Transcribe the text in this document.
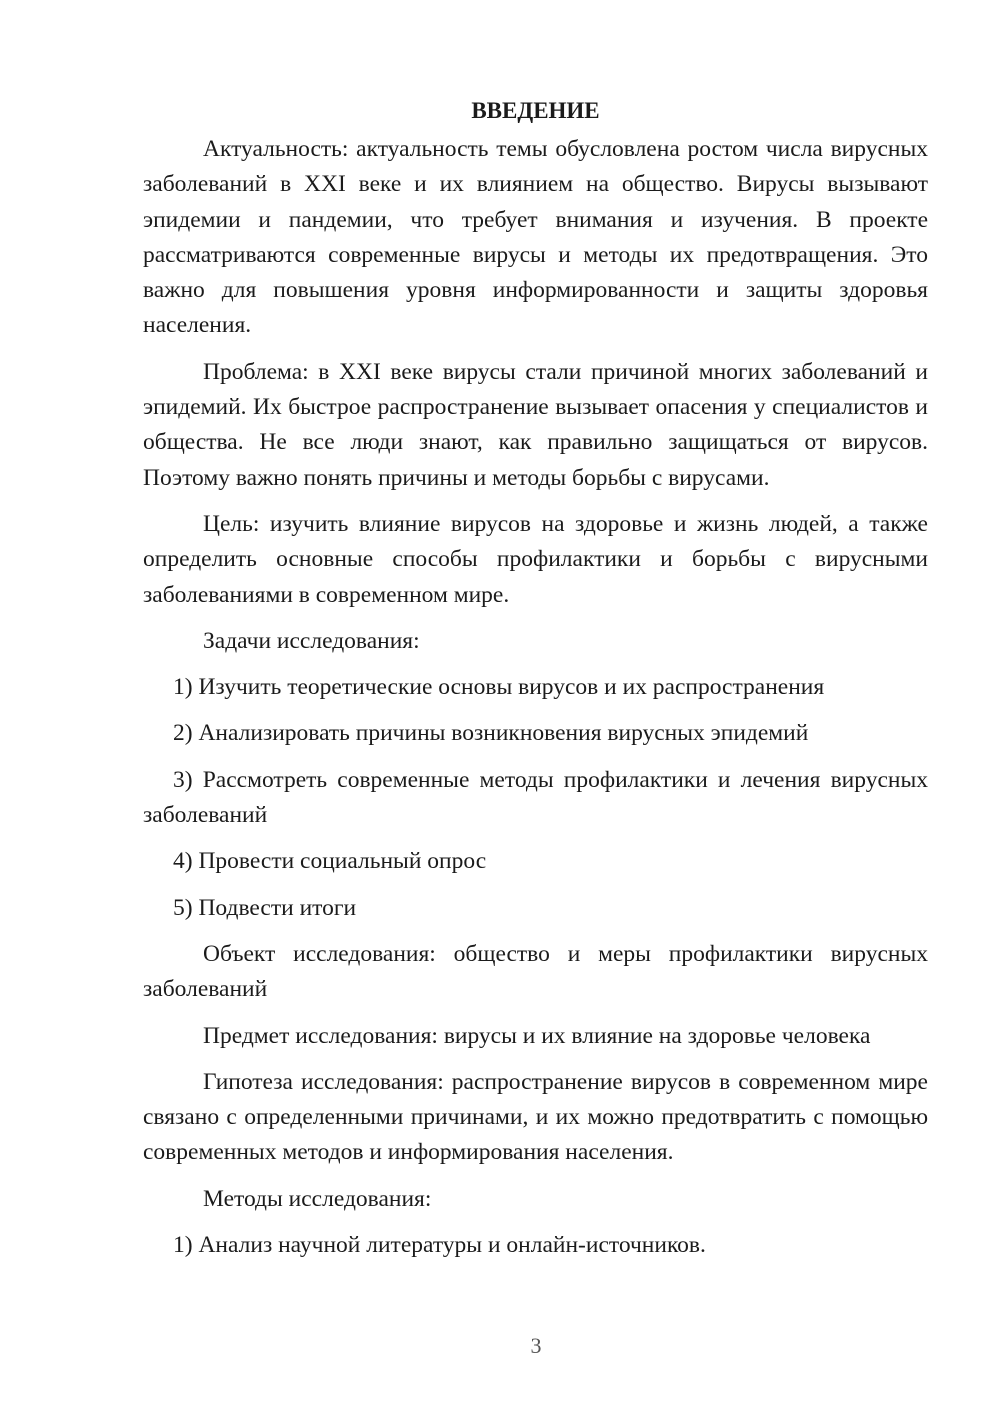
ВВЕДЕНИЕ

Актуальность: актуальность темы обусловлена ростом числа вирусных заболеваний в XXI веке и их влиянием на общество. Вирусы вызывают эпидемии и пандемии, что требует внимания и изучения. В проекте рассматриваются современные вирусы и методы их предотвращения. Это важно для повышения уровня информированности и защиты здоровья населения.

Проблема: в XXI веке вирусы стали причиной многих заболеваний и эпидемий. Их быстрое распространение вызывает опасения у специалистов и общества. Не все люди знают, как правильно защищаться от вирусов. Поэтому важно понять причины и методы борьбы с вирусами.

Цель: изучить влияние вирусов на здоровье и жизнь людей, а также определить основные способы профилактики и борьбы с вирусными заболеваниями в современном мире.

Задачи исследования:

1) Изучить теоретические основы вирусов и их распространения

2) Анализировать причины возникновения вирусных эпидемий

3) Рассмотреть современные методы профилактики и лечения вирусных заболеваний

4) Провести социальный опрос

5) Подвести итоги

Объект исследования: общество и меры профилактики вирусных заболеваний

Предмет исследования: вирусы и их влияние на здоровье человека

Гипотеза исследования: распространение вирусов в современном мире связано с определенными причинами, и их можно предотвратить с помощью современных методов и информирования населения.

Методы исследования:

1) Анализ научной литературы и онлайн-источников.

3
